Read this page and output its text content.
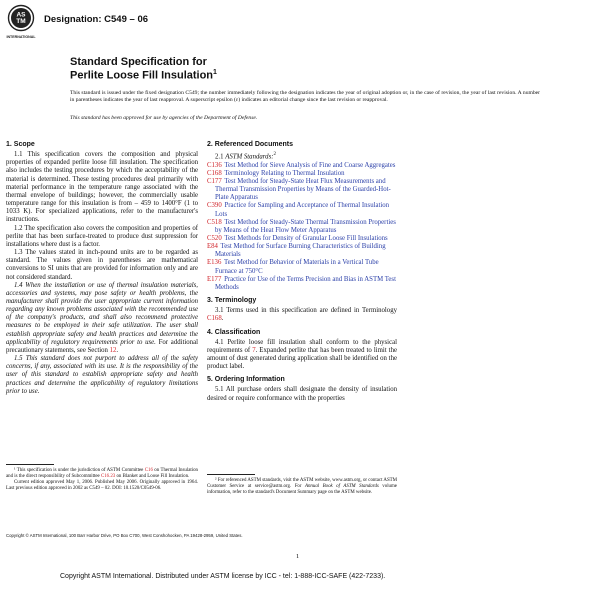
AS
TM
INTERNATIONAL
Designation: C549 – 06
Standard Specification for
Perlite Loose Fill Insulation$^1$
This standard is issued under the fixed designation C549; the number immediately following the designation indicates the year of original adoption or, in the case of revision, the year of last revision. A number in parentheses indicates the year of last reapproval. A superscript epsilon (ε) indicates an editorial change since the last revision or reapproval.
This standard has been approved for use by agencies of the Department of Defense.
1. Scope

1.1 This specification covers the composition and physical properties of expanded perlite loose fill insulation. The specification also includes the testing procedures by which the acceptability of the material is determined. These testing procedures deal primarily with material performance in the temperature range associated with the thermal envelope of buildings; however, the commercially usable temperature range for this insulation is from – 459 to 1400°F (1 to 1033 K). For specialized applications, refer to the manufacturer's instructions.

1.2 The specification also covers the composition and properties of perlite that has been surface-treated to produce dust suppression for installations where dust is a factor.

1.3 The values stated in inch-pound units are to be regarded as standard. The values given in parentheses are mathematical conversions to SI units that are provided for information only and are not considered standard.

1.4 When the installation or use of thermal insulation materials, accessories and systems, may pose safety or health problems, the manufacturer shall provide the user appropriate current information regarding any known problems associated with the recommended use of the company's products, and shall also recommend protective measures to be employed in their safe utilization. The user shall establish appropriate safety and health practices and determine the applicability of regulatory requirements prior to use. For additional precautionary statements, see Section 12.

1.5 This standard does not purport to address all of the safety concerns, if any, associated with its use. It is the responsibility of the user of this standard to establish appropriate safety and health practices and determine the applicability of regulatory limitations prior to use.

2. Referenced Documents
2.1 ASTM Standards:$^2$
C136 Test Method for Sieve Analysis of Fine and Coarse Aggregates
C168 Terminology Relating to Thermal Insulation
C177 Test Method for Steady-State Heat Flux Measurements and Thermal Transmission Properties by Means of the Guarded-Hot-Plate Apparatus
C390 Practice for Sampling and Acceptance of Thermal Insulation Lots
C518 Test Method for Steady-State Thermal Transmission Properties by Means of the Heat Flow Meter Apparatus
C520 Test Methods for Density of Granular Loose Fill Insulations
E84 Test Method for Surface Burning Characteristics of Building Materials
E136 Test Method for Behavior of Materials in a Vertical Tube Furnace at 750°C
E177 Practice for Use of the Terms Precision and Bias in ASTM Test Methods
3. Terminology

3.1 Terms used in this specification are defined in Terminology C168.

4. Classification

4.1 Perlite loose fill insulation shall conform to the physical requirements of 7. Expanded perlite that has been treated to limit the amount of dust generated during application shall be identified on the product label.

5. Ordering Information

5.1 All purchase orders shall designate the density of insulation desired or require conformance with the properties

¹ This specification is under the jurisdiction of ASTM Committee C16 on Thermal Insulation and is the direct responsibility of Subcommittee C16.23 on Blanket and Loose Fill Insulation.
Current edition approved May 1, 2006. Published May 2006. Originally approved in 1964. Last previous edition approved in 2002 as C549 – 02. DOI: 10.1520/C0549-06.
² For referenced ASTM standards, visit the ASTM website, www.astm.org, or contact ASTM Customer Service at service@astm.org. For Annual Book of ASTM Standards volume information, refer to the standard's Document Summary page on the ASTM website.
Copyright © ASTM International, 100 Barr Harbor Drive, PO Box C700, West Conshohocken, PA 19428-2959, United States.
1
Copyright ASTM International. Distributed under ASTM license by ICC - tel: 1-888-ICC-SAFE (422-7233).
